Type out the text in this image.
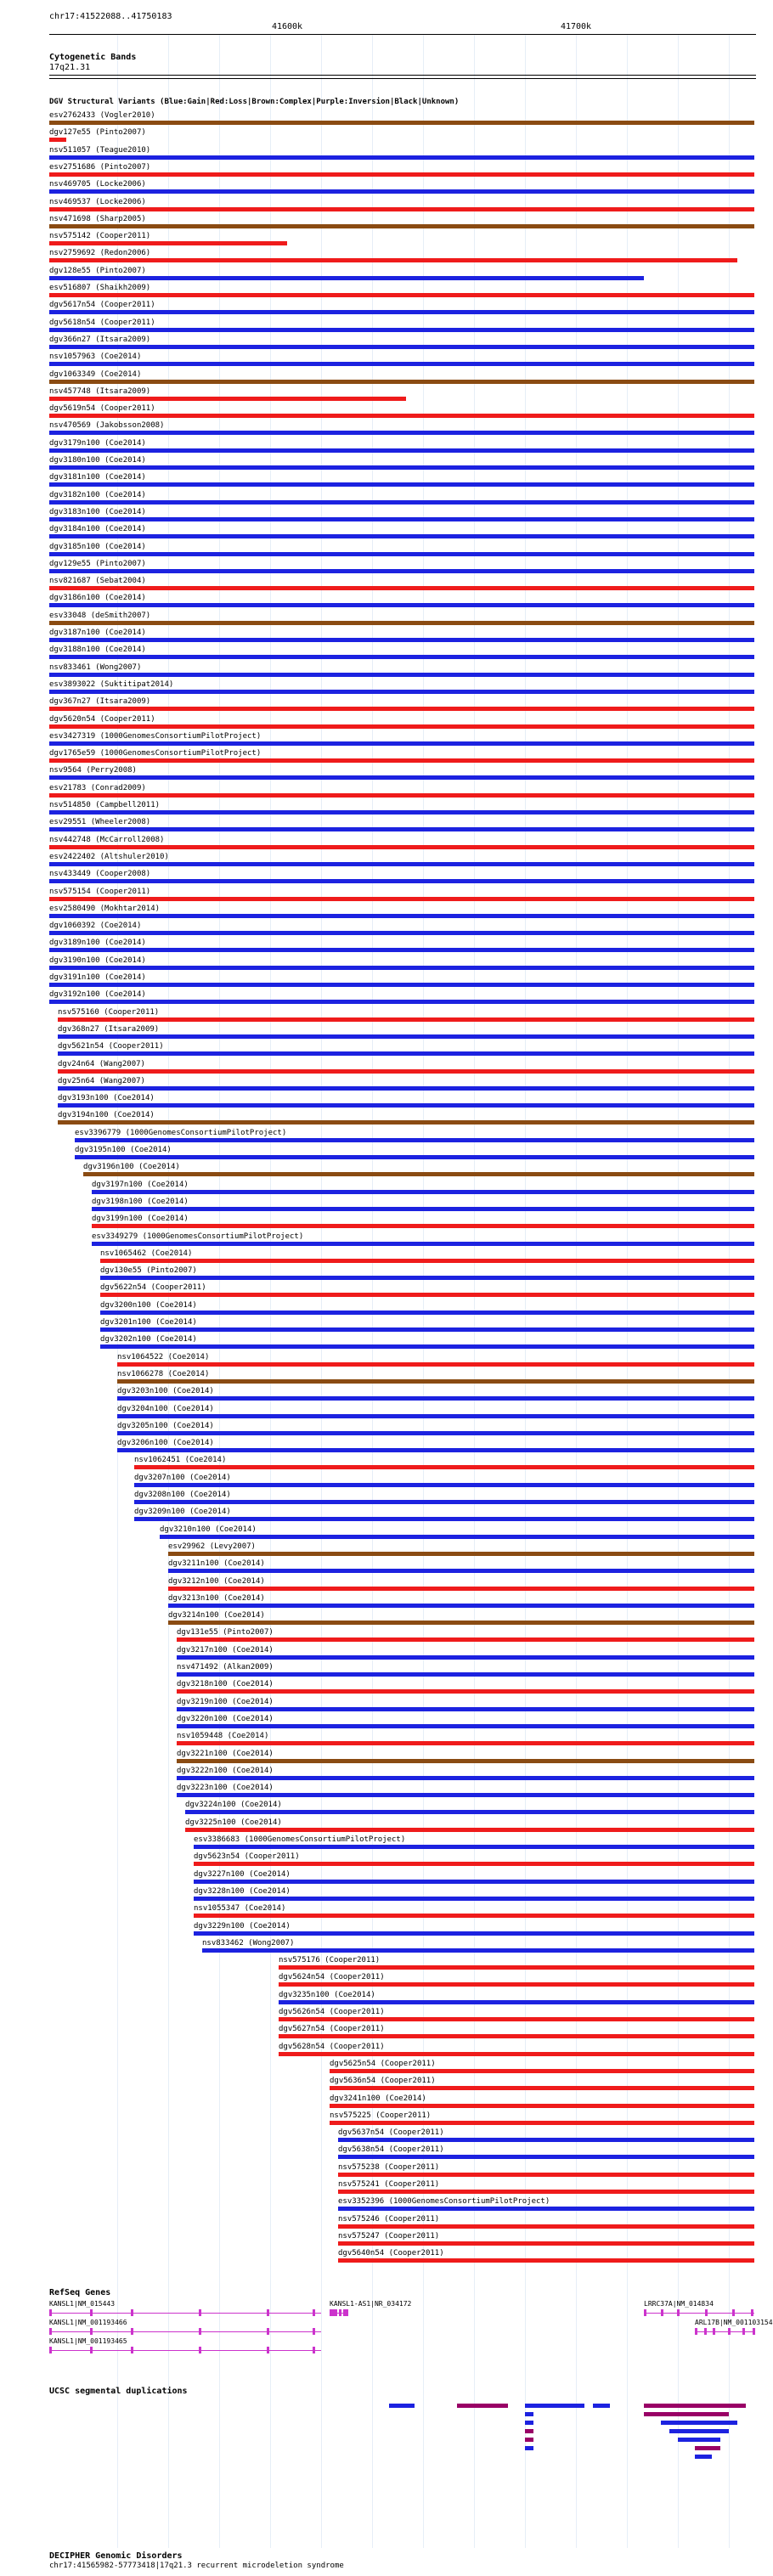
chr17:41522088..41750183
41600k	41700k
Cytogenetic Bands
17q21.31
DGV Structural Variants (Blue:Gain|Red:Loss|Brown:Complex|Purple:Inversion|Black|Unknown)
esv2762433 (Vogler2010)
dgv127e55 (Pinto2007)
nsv511057 (Teague2010)
esv2751686 (Pinto2007)
nsv469705 (Locke2006)
nsv469537 (Locke2006)
nsv471698 (Sharp2005)
nsv575142 (Cooper2011)
nsv2759692 (Redon2006)
dgv128e55 (Pinto2007)
esv516807 (Shaikh2009)
dgv5617n54 (Cooper2011)
dgv5618n54 (Cooper2011)
dgv366n27 (Itsara2009)
nsv1057963 (Coe2014)
dgv1063349 (Coe2014)
nsv457748 (Itsara2009)
dgv5619n54 (Cooper2011)
nsv470569 (Jakobsson2008)
dgv3179n100 (Coe2014)
dgv3180n100 (Coe2014)
dgv3181n100 (Coe2014)
dgv3182n100 (Coe2014)
dgv3183n100 (Coe2014)
dgv3184n100 (Coe2014)
dgv3185n100 (Coe2014)
dgv129e55 (Pinto2007)
nsv821687 (Sebat2004)
dgv3186n100 (Coe2014)
esv33048 (deSmith2007)
dgv3187n100 (Coe2014)
dgv3188n100 (Coe2014)
nsv833461 (Wong2007)
esv3893022 (Suktitipat2014)
dgv367n27 (Itsara2009)
dgv5620n54 (Cooper2011)
esv3427319 (1000GenomesConsortiumPilotProject)
dgv1765e59 (1000GenomesConsortiumPilotProject)
nsv9564 (Perry2008)
esv21783 (Conrad2009)
nsv514850 (Campbell2011)
esv29551 (Wheeler2008)
nsv442748 (McCarroll2008)
esv2422402 (Altshuler2010)
nsv433449 (Cooper2008)
nsv575154 (Cooper2011)
esv2580490 (Mokhtar2014)
dgv1060392 (Coe2014)
dgv3189n100 (Coe2014)
dgv3190n100 (Coe2014)
dgv3191n100 (Coe2014)
dgv3192n100 (Coe2014)
nsv575160 (Cooper2011)
dgv368n27 (Itsara2009)
dgv5621n54 (Cooper2011)
dgv24n64 (Wang2007)
dgv25n64 (Wang2007)
dgv3193n100 (Coe2014)
dgv3194n100 (Coe2014)
esv3396779 (1000GenomesConsortiumPilotProject)
dgv3195n100 (Coe2014)
dgv3196n100 (Coe2014)
dgv3197n100 (Coe2014)
dgv3198n100 (Coe2014)
dgv3199n100 (Coe2014)
esv3349279 (1000GenomesConsortiumPilotProject)
nsv1065462 (Coe2014)
dgv130e55 (Pinto2007)
dgv5622n54 (Cooper2011)
dgv3200n100 (Coe2014)
dgv3201n100 (Coe2014)
dgv3202n100 (Coe2014)
nsv1064522 (Coe2014)
nsv1066278 (Coe2014)
dgv3203n100 (Coe2014)
dgv3204n100 (Coe2014)
dgv3205n100 (Coe2014)
dgv3206n100 (Coe2014)
nsv1062451 (Coe2014)
dgv3207n100 (Coe2014)
dgv3208n100 (Coe2014)
dgv3209n100 (Coe2014)
dgv3210n100 (Coe2014)
esv29962 (Levy2007)
dgv3211n100 (Coe2014)
dgv3212n100 (Coe2014)
dgv3213n100 (Coe2014)
dgv3214n100 (Coe2014)
dgv131e55 (Pinto2007)
dgv3217n100 (Coe2014)
nsv471492 (Alkan2009)
dgv3218n100 (Coe2014)
dgv3219n100 (Coe2014)
dgv3220n100 (Coe2014)
nsv1059448 (Coe2014)
dgv3221n100 (Coe2014)
dgv3222n100 (Coe2014)
dgv3223n100 (Coe2014)
dgv3224n100 (Coe2014)
dgv3225n100 (Coe2014)
esv3386683 (1000GenomesConsortiumPilotProject)
dgv5623n54 (Cooper2011)
dgv3227n100 (Coe2014)
dgv3228n100 (Coe2014)
nsv1055347 (Coe2014)
dgv3229n100 (Coe2014)
nsv833462 (Wong2007)
nsv575176 (Cooper2011)
dgv5624n54 (Cooper2011)
dgv3235n100 (Coe2014)
dgv5626n54 (Cooper2011)
dgv5627n54 (Cooper2011)
dgv5628n54 (Cooper2011)
dgv5625n54 (Cooper2011)
dgv5636n54 (Cooper2011)
dgv3241n100 (Coe2014)
nsv575225 (Cooper2011)
dgv5637n54 (Cooper2011)
dgv5638n54 (Cooper2011)
nsv575238 (Cooper2011)
nsv575241 (Cooper2011)
esv3352396 (1000GenomesConsortiumPilotProject)
nsv575246 (Cooper2011)
nsv575247 (Cooper2011)
dgv5640n54 (Cooper2011)
RefSeq Genes
KANSL1|NM_015443	KANSL1-AS1|NR_034172	LRRC37A|NM_014834
KANSL1|NM_001193466	ARL17B|NM_001103154
KANSL1|NM_001193465
UCSC segmental duplications
DECIPHER Genomic Disorders
chr17:41565982-57773418|17q21.3 recurrent microdeletion syndrome
